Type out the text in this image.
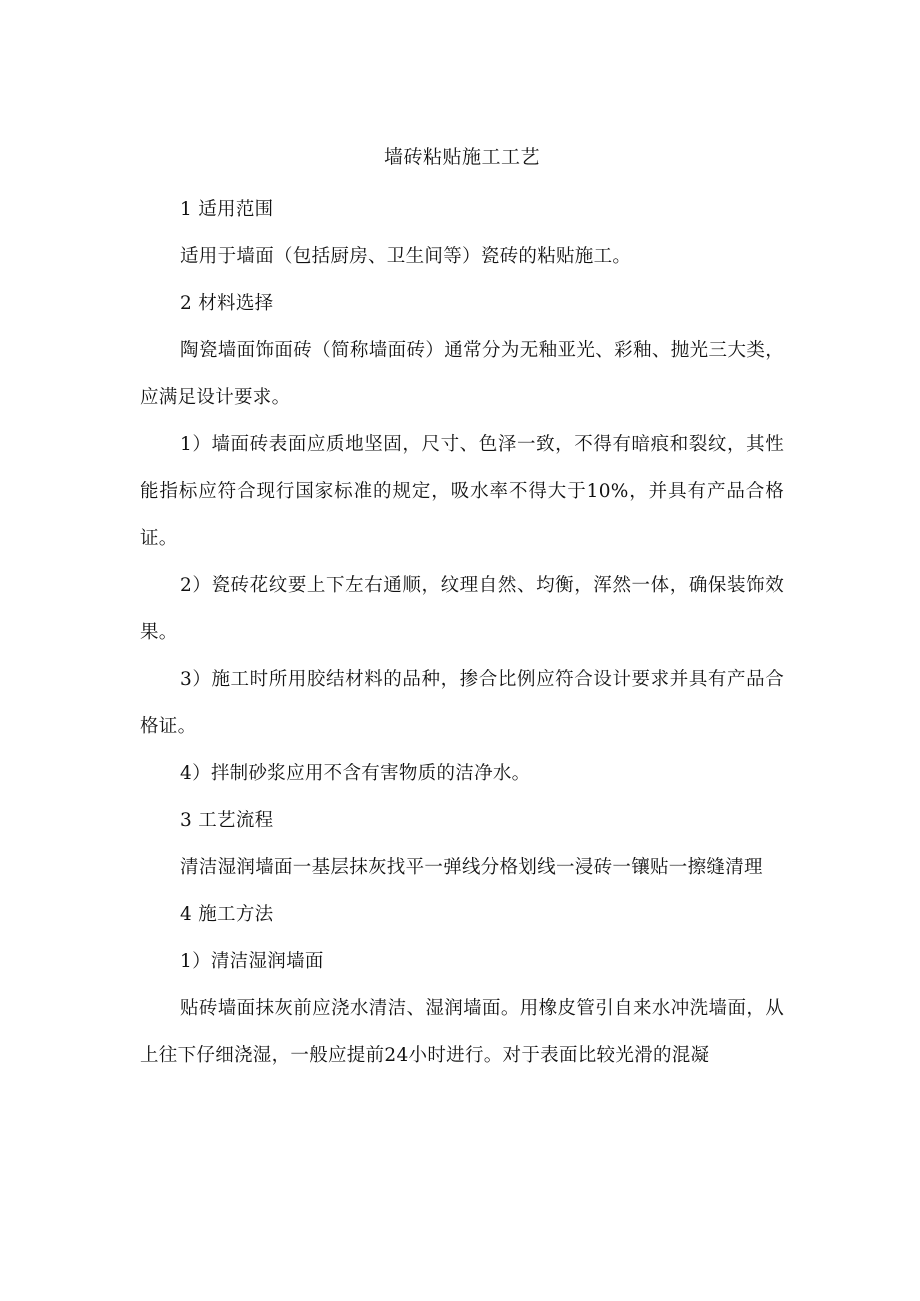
墙砖粘贴施工工艺

1 适用范围

适用于墙面（包括厨房、卫生间等）瓷砖的粘贴施工。

2 材料选择

陶瓷墙面饰面砖（简称墙面砖）通常分为无釉亚光、彩釉、抛光三大类，应满足设计要求。

1）墙面砖表面应质地坚固，尺寸、色泽一致，不得有暗痕和裂纹，其性能指标应符合现行国家标准的规定，吸水率不得大于10%，并具有产品合格证。

2）瓷砖花纹要上下左右通顺，纹理自然、均衡，浑然一体，确保装饰效果。

3）施工时所用胶结材料的品种，掺合比例应符合设计要求并具有产品合格证。

4）拌制砂浆应用不含有害物质的洁净水。

3 工艺流程

清洁湿润墙面一基层抹灰找平一弹线分格划线一浸砖一镶贴一擦缝清理

4 施工方法

1）清洁湿润墙面

贴砖墙面抹灰前应浇水清洁、湿润墙面。用橡皮管引自来水冲洗墙面，从上往下仔细浇湿，一般应提前24小时进行。对于表面比较光滑的混凝
